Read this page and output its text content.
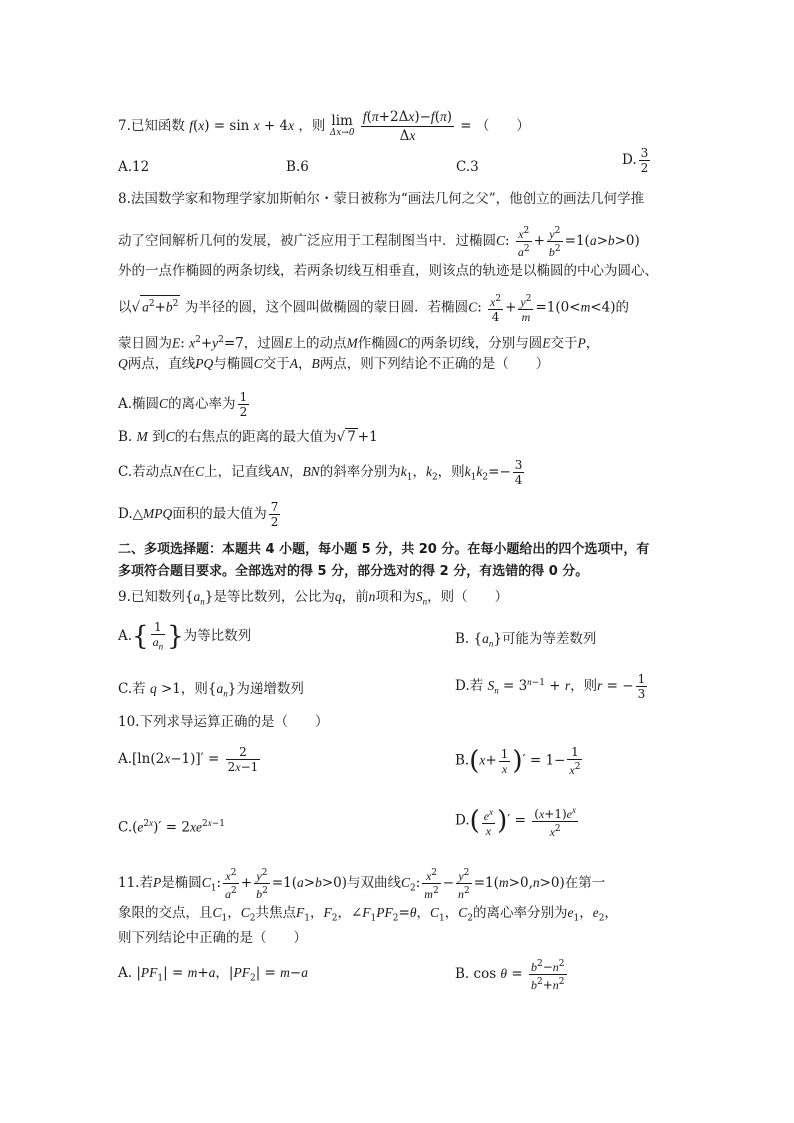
7.已知函数 f(x) = sin x + 4x ，则 lim
Δx→0
$\frac{f(\pi+2\Delta x)-f(\pi)}{\Delta x}$ = （　　）
A.12	B.6	C.3	D. $\frac{3}{2}$
8.法国数学家和物理学家加斯帕尔・蒙日被称为“画法几何之父”，他创立的画法几何学推
动了空间解析几何的发展，被广泛应用于工程制图当中．过椭圆C: $\frac{x^2}{a^2} + \frac{y^2}{b^2} =1(a>b>0)$
外的一点作椭圆的两条切线，若两条切线互相垂直，则该点的轨迹是以椭圆的中心为圆心、
以√ $a^2+b^2$ 为半径的圆，这个圆叫做椭圆的蒙日圆．若椭圆C: $\frac{x^2}{4} + \frac{y^2}{m} =1(0<m<4)$的
蒙日圆为E: $x^2+y^2=7$，过圆E上的动点M作椭圆C的两条切线，分别与圆E交于P，
Q两点，直线PQ与椭圆C交于A，B两点，则下列结论不正确的是（　　）
A.椭圆C的离心率为 $\frac{1}{2}$
B. M 到C的右焦点的距离的最大值为√ 7 +1
C.若动点N在C上，记直线AN，BN的斜率分别为$k_1$，$k_2$，则$k_1k_2=- \frac{3}{4}$
D.△MPQ面积的最大值为 $\frac{7}{2}$
二、多项选择题：本题共 4 小题，每小题 5 分，共 20 分。在每小题给出的四个选项中，有
多项符合题目要求。全部选对的得 5 分，部分选对的得 2 分，有选错的得 0 分。
9.已知数列$\{a_n\}$是等比数列，公比为q，前n项和为$S_n$，则（　　）
$A.\{ \frac{1}{a_n}$ }为等比数列	B. $\{a_n\}$可能为等差数列
C.若 q >1，则$\{a_n\}$为递增数列	D.若 $S_n = 3^{n-1} + r$，则r = − $\frac{1}{3}$
10.下列求导运算正确的是（　　）
$A.[\ln(2x-1)]' = \frac{2}{2x-1}$	$B.(x+ \frac{1}{x}$ )′ = $1- \frac{1}{x^2}$
$C.(e^{2x})' = 2xe^{2x-1}$	$D.( \frac{e^x}{x}$ )′ = $\frac{(x+1)e^x}{x^2}$
11.若P是椭圆$C_1$: $\frac{x^2}{a^2} + \frac{y^2}{b^2} =1(a>b>0)$与双曲线$C_2$: $\frac{x^2}{m^2} - \frac{y^2}{n^2} =1(m>0,n>0)$在第一
象限的交点，且$C_1$，$C_2$共焦点$F_1$，$F_2$，$\angle F_1PF_2=\theta$，$C_1$，$C_2$的离心率分别为$e_1$，$e_2$，
则下列结论中正确的是（　　）
A. $|PF_1| = m+a$，$|PF_2| = m-a$	B. $\cos \theta = \frac{b^2-n^2}{b^2+n^2}$
